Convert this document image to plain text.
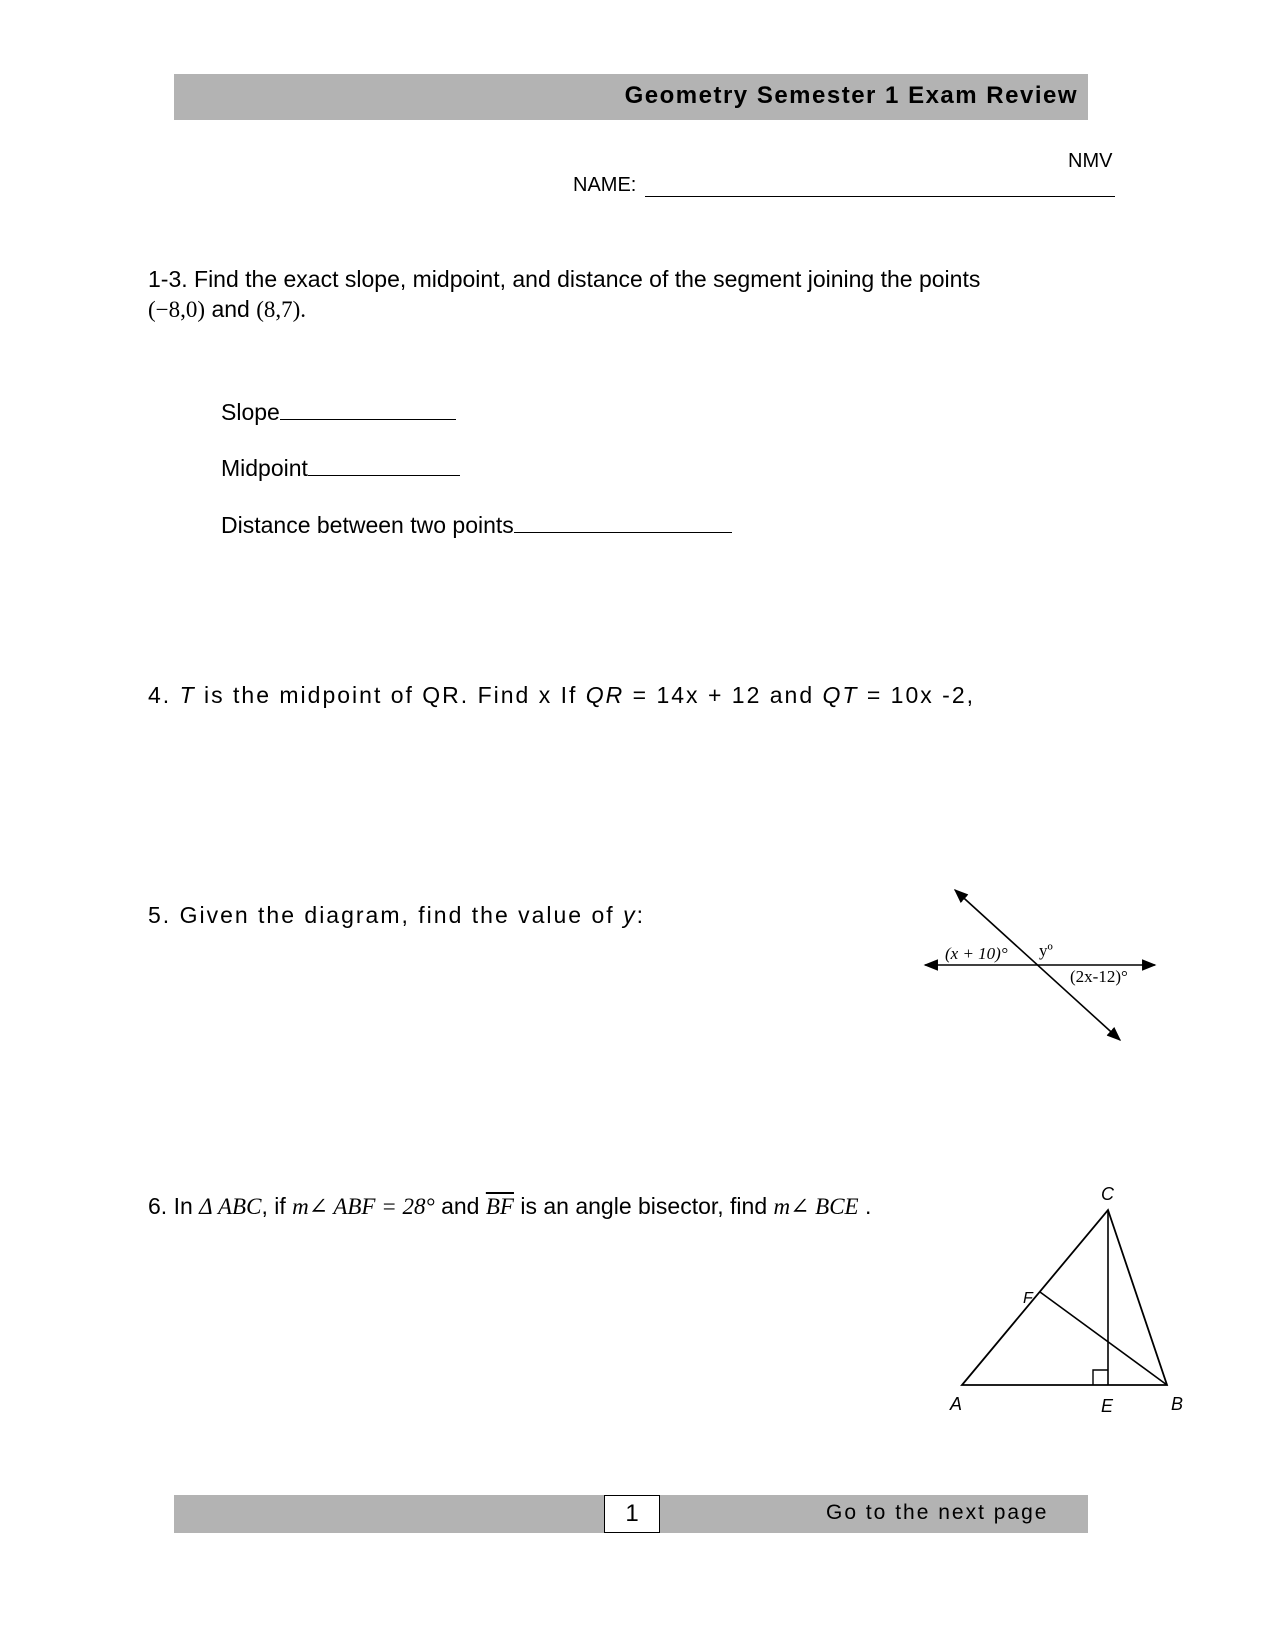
Geometry Semester 1 Exam Review
NMV
NAME:
1-3. Find the exact slope, midpoint, and distance of the segment joining the points
(−8,0) and (8,7).
Slope
Midpoint
Distance between two points
4. T is the midpoint of QR. Find x If QR = 14x + 12 and QT = 10x -2,
5. Given the diagram, find the value of y:
(x + 10)° yº
(2x-12)°
6. In Δ ABC, if m∠ ABF = 28° and $\overline{BF}$ is an angle bisector, find m∠ BCE .
A	B
C
E
F
1	Go to the next page
